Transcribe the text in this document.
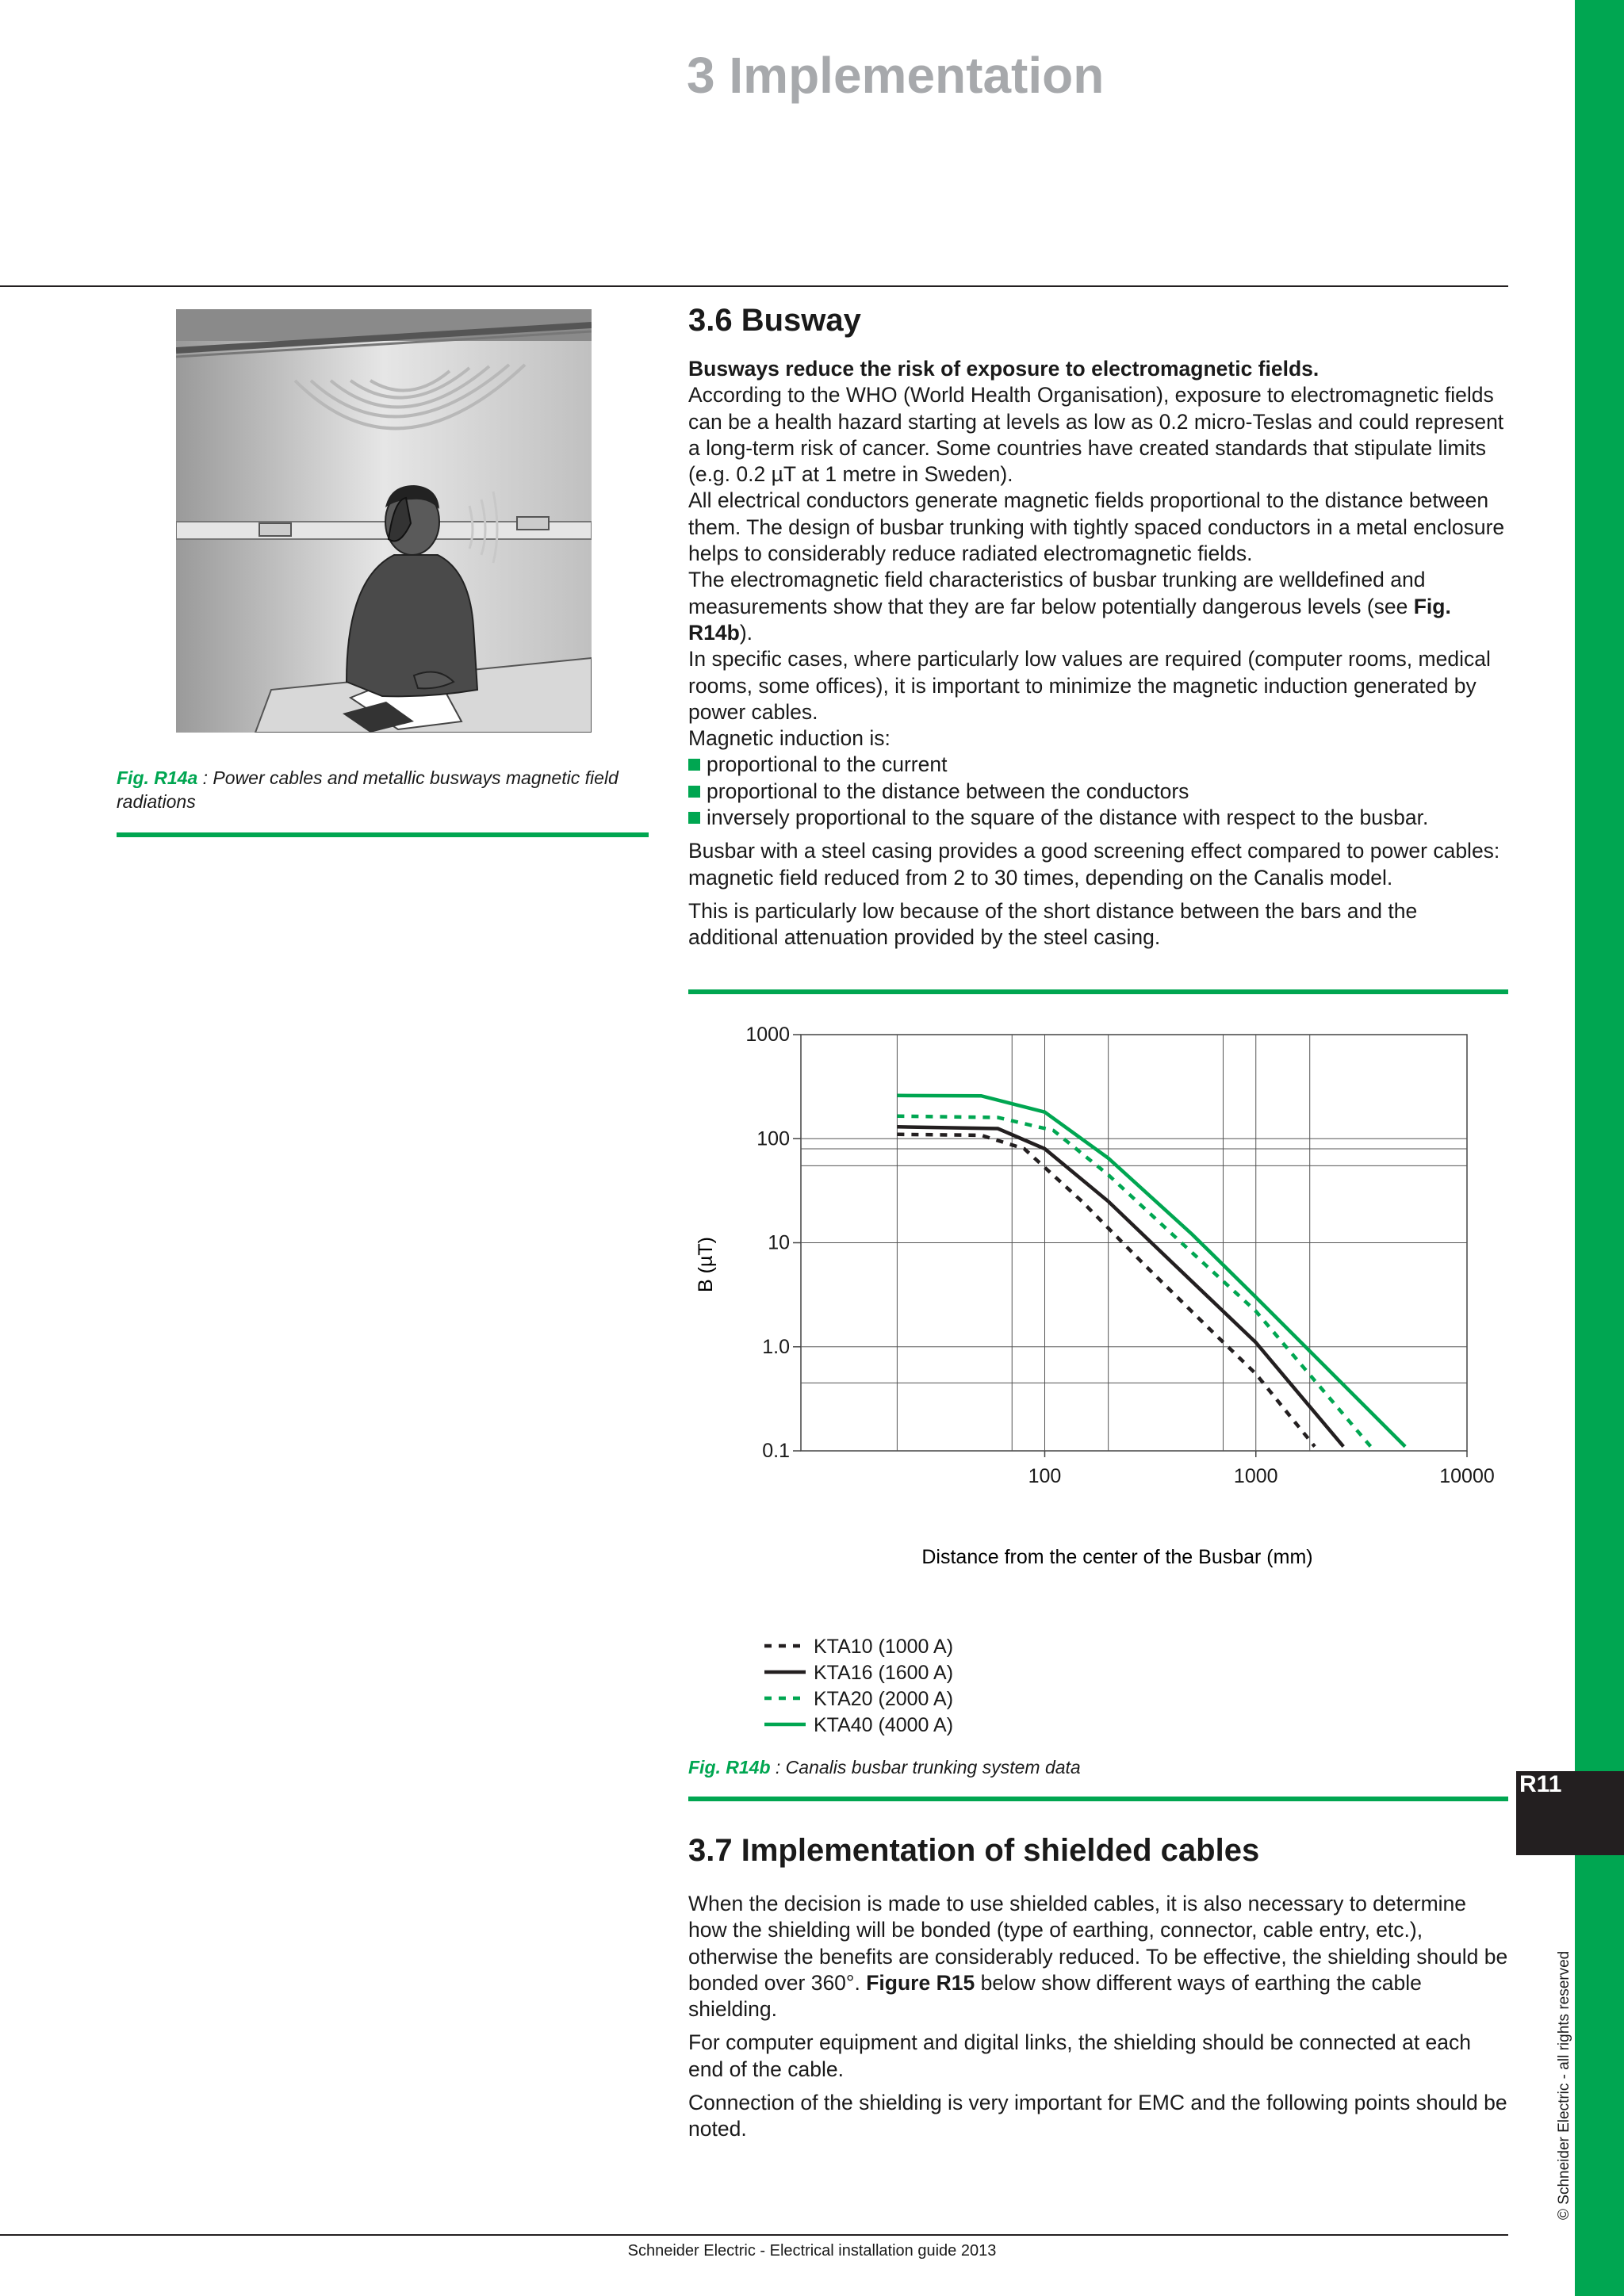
R11
© Schneider Electric - all rights reserved
3 Implementation
Fig. R14a : Power cables and metallic busways magnetic field radiations
3.6 Busway

Busways reduce the risk of exposure to electromagnetic fields.

According to the WHO (World Health Organisation), exposure to electromagnetic fields can be a health hazard starting at levels as low as 0.2 micro-Teslas and could represent a long-term risk of cancer. Some countries have created standards that stipulate limits (e.g. 0.2 µT at 1 metre in Sweden).

All electrical conductors generate magnetic fields proportional to the distance between them. The design of busbar trunking with tightly spaced conductors in a metal enclosure helps to considerably reduce radiated electromagnetic fields.

The electromagnetic field characteristics of busbar trunking are welldefined and measurements show that they are far below potentially dangerous levels (see Fig. R14b).

In specific cases, where particularly low values are required (computer rooms, medical rooms, some offices), it is important to minimize the magnetic induction generated by power cables.

Magnetic induction is:

proportional to the current

proportional to the distance between the conductors

inversely proportional to the square of the distance with respect to the busbar.

Busbar with a steel casing provides a good screening effect compared to power cables: magnetic field reduced from 2 to 30 times, depending on the Canalis model.

This is particularly low because of the short distance between the bars and the additional attenuation provided by the steel casing.

1000
100
10
1.0
0.1
100	1000	10000
B (µT)
Distance from the center of the Busbar (mm)
KTA10 (1000 A)
KTA16 (1600 A)
KTA20 (2000 A)
KTA40 (4000 A)
Fig. R14b : Canalis busbar trunking system data
3.7 Implementation of shielded cables

When the decision is made to use shielded cables, it is also necessary to determine how the shielding will be bonded (type of earthing, connector, cable entry, etc.), otherwise the benefits are considerably reduced. To be effective, the shielding should be bonded over 360°. Figure R15 below show different ways of earthing the cable shielding.

For computer equipment and digital links, the shielding should be connected at each end of the cable.

Connection of the shielding is very important for EMC and the following points should be noted.

Schneider Electric - Electrical installation guide 2013
